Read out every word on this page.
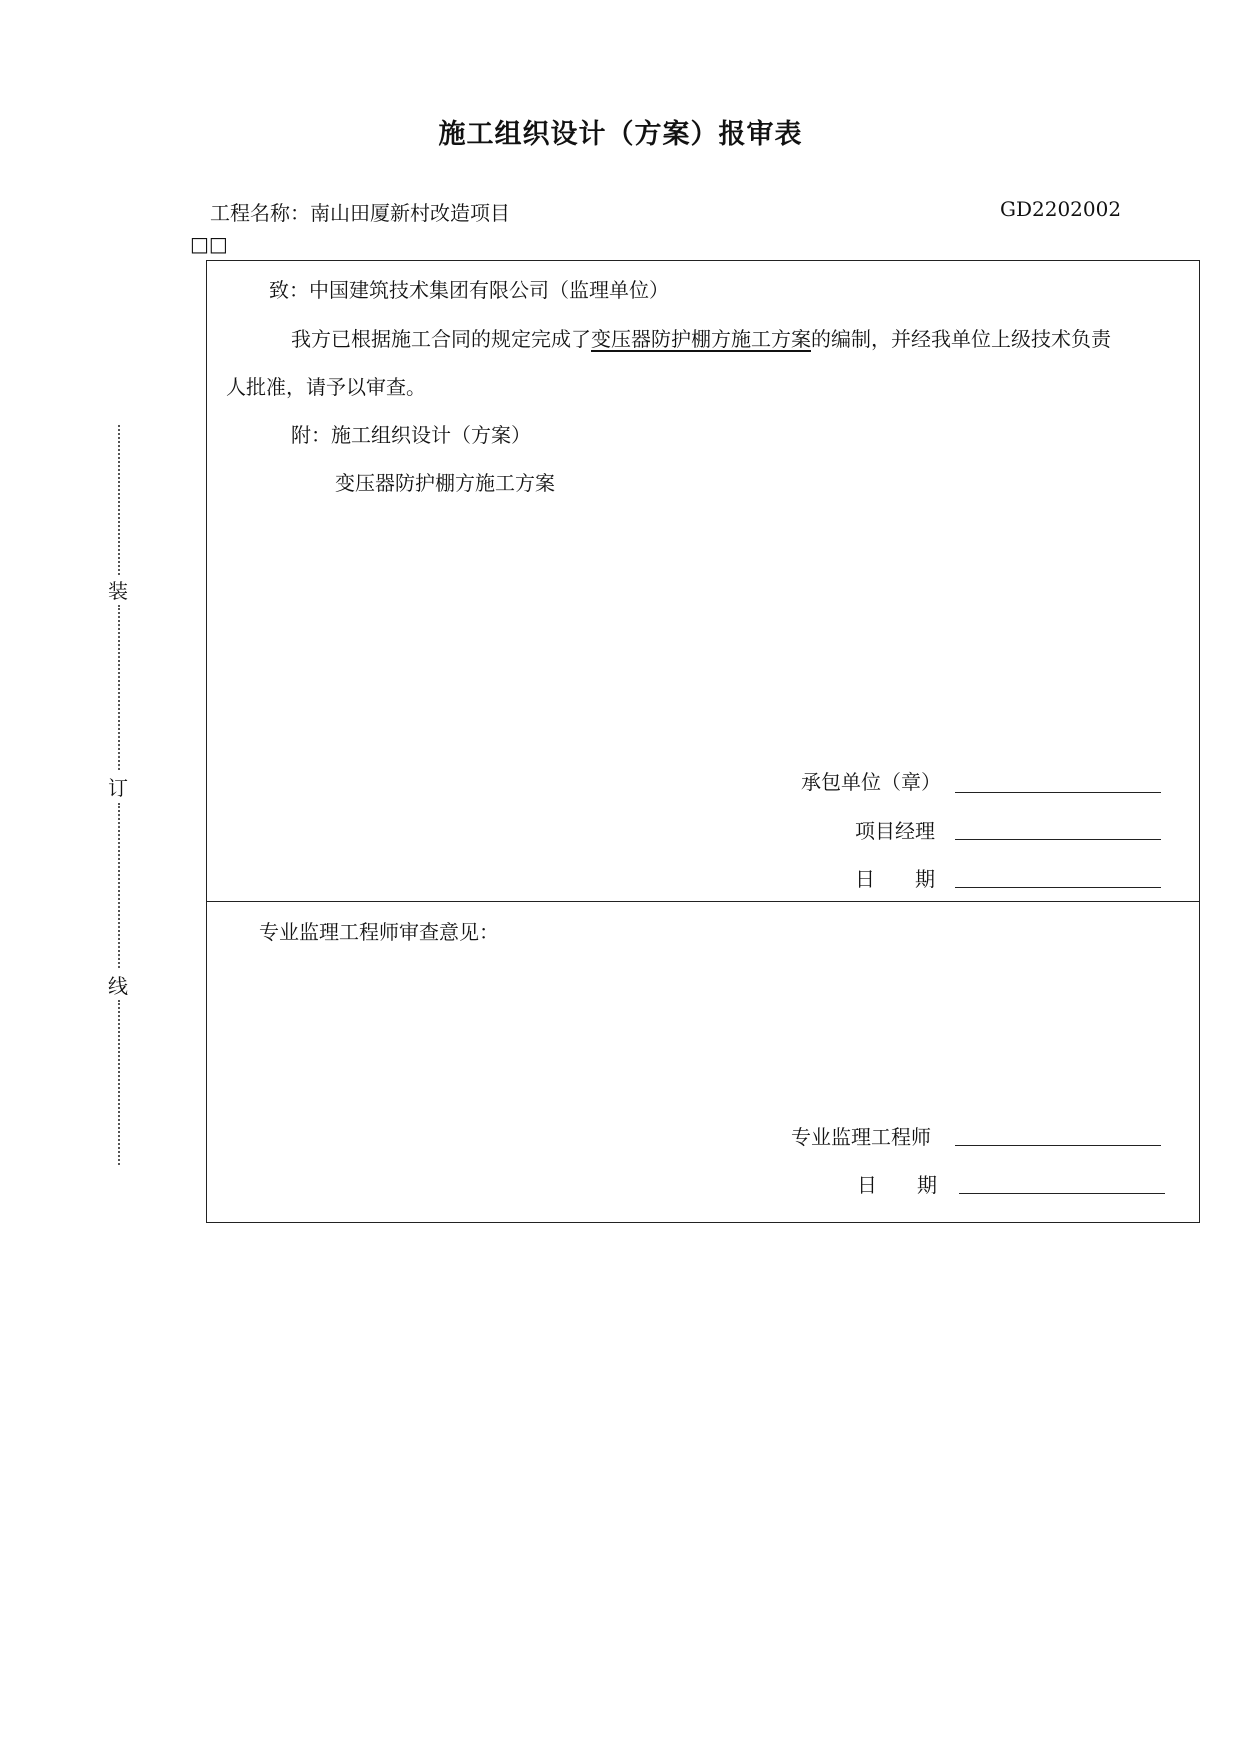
施工组织设计（方案）报审表
工程名称：南山田厦新村改造项目	GD2202002
□□
装
订
线
致：中国建筑技术集团有限公司（监理单位）
我方已根据施工合同的规定完成了变压器防护棚方施工方案的编制，并经我单位上级技术负责
人批准，请予以审查。
附：施工组织设计（方案）
变压器防护棚方施工方案
承包单位（章）
项目经理
日　　期
专业监理工程师审查意见：
专业监理工程师
日　　期
